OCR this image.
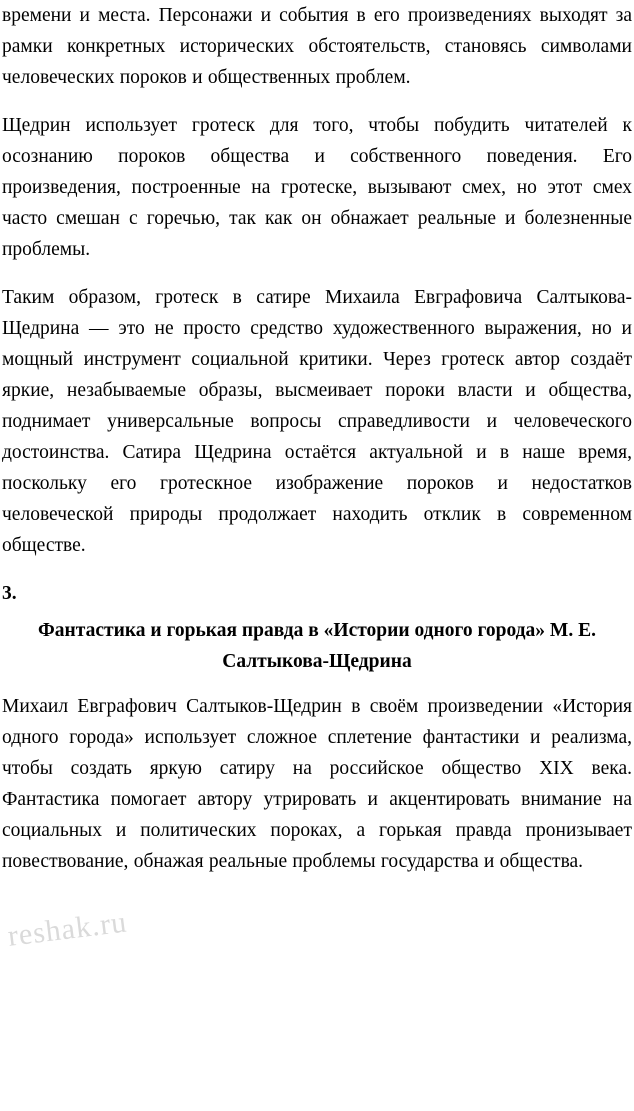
времени и места. Персонажи и события в его произведениях выходят за рамки конкретных исторических обстоятельств, становясь символами человеческих пороков и общественных проблем.

Щедрин использует гротеск для того, чтобы побудить читателей к осознанию пороков общества и собственного поведения. Его произведения, построенные на гротеске, вызывают смех, но этот смех часто смешан с горечью, так как он обнажает реальные и болезненные проблемы.

Таким образом, гротеск в сатире Михаила Евграфовича Салтыкова-Щедрина — это не просто средство художественного выражения, но и мощный инструмент социальной критики. Через гротеск автор создаёт яркие, незабываемые образы, высмеивает пороки власти и общества, поднимает универсальные вопросы справедливости и человеческого достоинства. Сатира Щедрина остаётся актуальной и в наше время, поскольку его гротескное изображение пороков и недостатков человеческой природы продолжает находить отклик в современном обществе.

3.
Фантастика и горькая правда в «Истории одного города» М. Е. Салтыкова-Щедрина

Михаил Евграфович Салтыков-Щедрин в своём произведении «История одного города» использует сложное сплетение фантастики и реализма, чтобы создать яркую сатиру на российское общество XIX века. Фантастика помогает автору утрировать и акцентировать внимание на социальных и политических пороках, а горькая правда пронизывает повествование, обнажая реальные проблемы государства и общества.

reshak.ru
